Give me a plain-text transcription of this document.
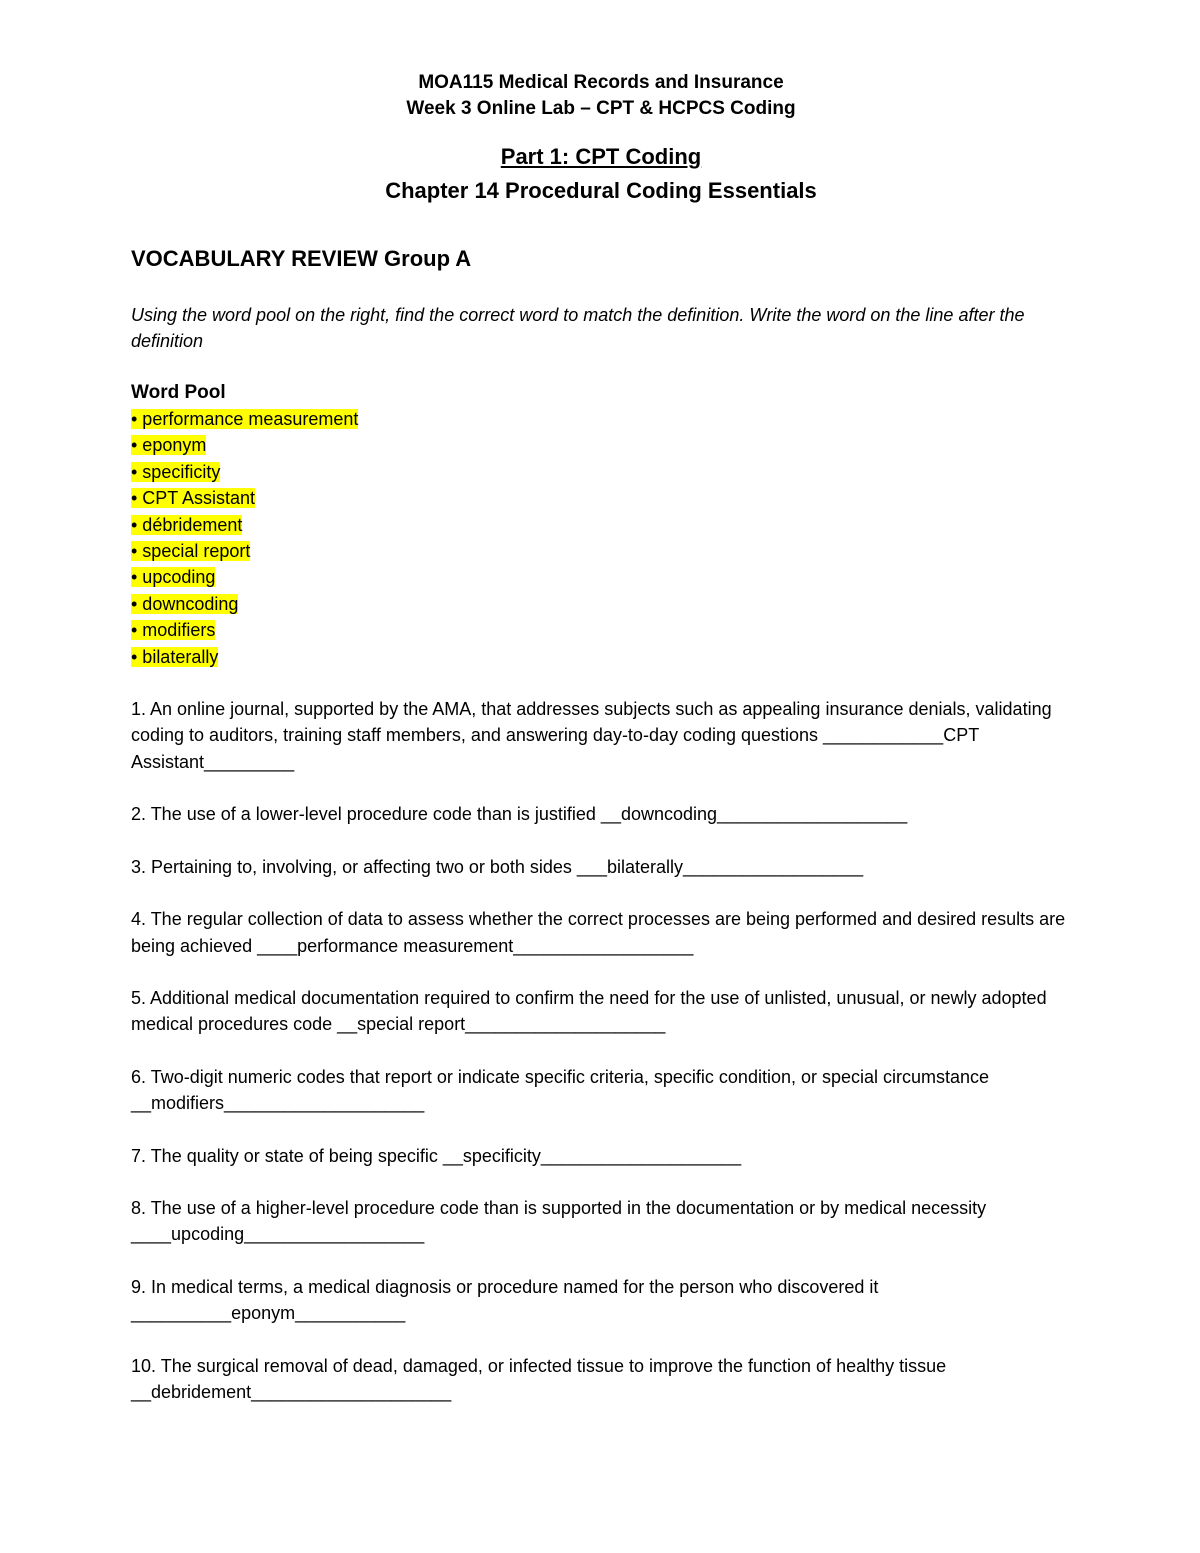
MOA115 Medical Records and Insurance

Week 3 Online Lab – CPT & HCPCS Coding

Part 1: CPT Coding

Chapter 14 Procedural Coding Essentials

VOCABULARY REVIEW Group A

Using the word pool on the right, find the correct word to match the definition. Write the word on the line after the definition

Word Pool

• performance measurement
• eponym
• specificity
• CPT Assistant
• débridement
• special report
• upcoding
• downcoding
• modifiers
• bilaterally
1. An online journal, supported by the AMA, that addresses subjects such as appealing insurance denials, validating coding to auditors, training staff members, and answering day-to-day coding questions ____________CPT Assistant_________
2. The use of a lower-level procedure code than is justified __downcoding___________________
3. Pertaining to, involving, or affecting two or both sides ___bilaterally__________________
4. The regular collection of data to assess whether the correct processes are being performed and desired results are being achieved ____performance measurement__________________
5. Additional medical documentation required to confirm the need for the use of unlisted, unusual, or newly adopted medical procedures code __special report____________________
6. Two-digit numeric codes that report or indicate specific criteria, specific condition, or special circumstance __modifiers____________________
7. The quality or state of being specific __specificity____________________
8. The use of a higher-level procedure code than is supported in the documentation or by medical necessity ____upcoding__________________
9. In medical terms, a medical diagnosis or procedure named for the person who discovered it __________eponym___________
10. The surgical removal of dead, damaged, or infected tissue to improve the function of healthy tissue __debridement____________________
